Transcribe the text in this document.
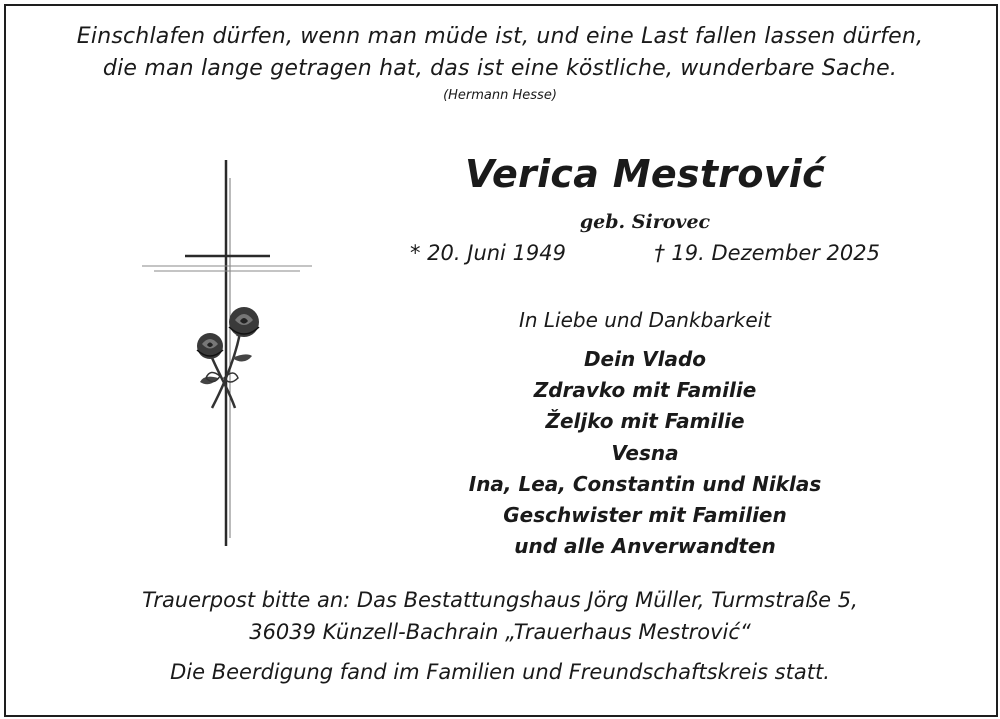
Einschlafen dürfen, wenn man müde ist, und eine Last fallen lassen dürfen,
die man lange getragen hat, das ist eine köstliche, wunderbare Sache.
(Hermann Hesse)
Verica Mestrović
geb. Sirovec
* 20. Juni 1949	† 19. Dezember 2025
In Liebe und Dankbarkeit
Dein Vlado
Zdravko mit Familie
Željko mit Familie
Vesna
Ina, Lea, Constantin und Niklas
Geschwister mit Familien
und alle Anverwandten
Trauerpost bitte an: Das Bestattungshaus Jörg Müller, Turmstraße 5,
36039 Künzell-Bachrain „Trauerhaus Mestrović“
Die Beerdigung fand im Familien und Freundschaftskreis statt.
